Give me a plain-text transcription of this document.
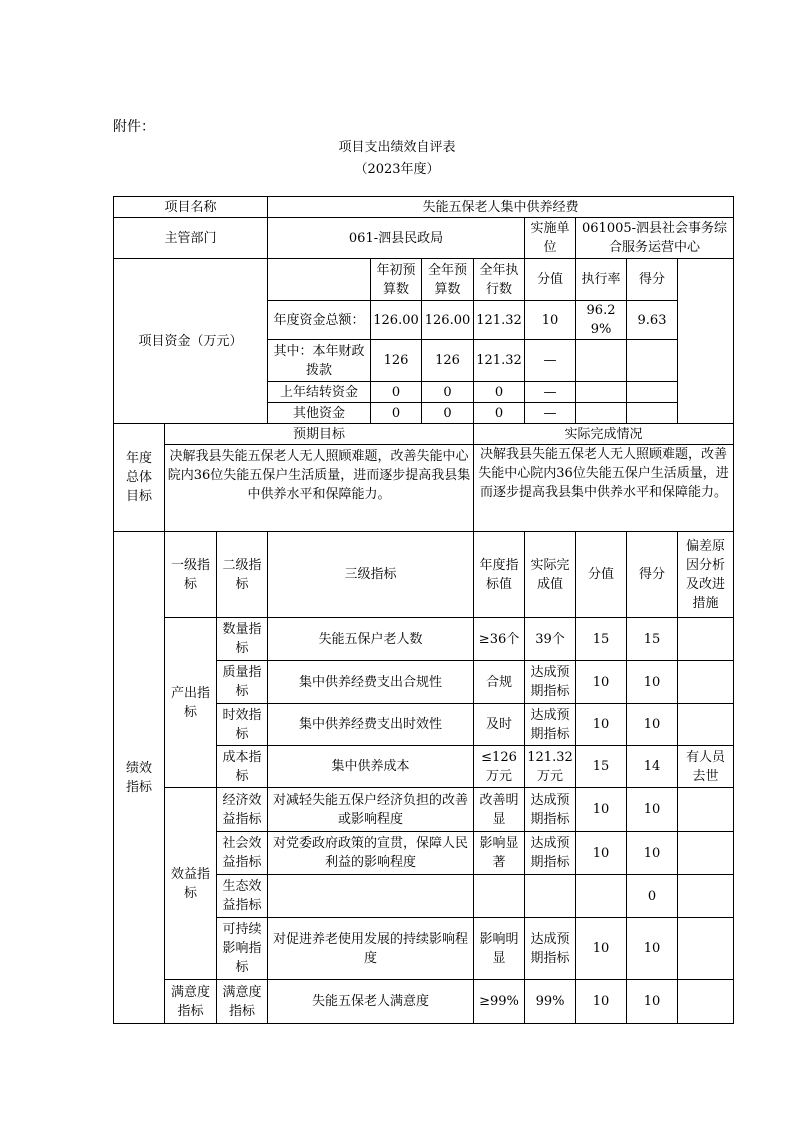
附件：
项目支出绩效自评表
（2023年度）
项目名称			失能五保老人集中供养经费							
主管部门			061-泗县民政局				实施单位	061005-泗县社会事务综合服务运营中心		
项目资金（万元）				年初预算数	全年预算数	全年执行数	分值	执行率	得分	
			年度资金总额：	126.00	126.00	121.32	10	96.29%	9.63	
			其中：本年财政拨款	126	126	121.32	—			
			上年结转资金	0	0	0	—			
			其他资金	0	0	0	—			
年度总体目标	预期目标					实际完成情况				
	决解我县失能五保老人无人照顾难题，改善失能中心院内36位失能五保户生活质量，进而逐步提高我县集中供养水平和保障能力。					决解我县失能五保老人无人照顾难题，改善失能中心院内36位失能五保户生活质量，进而逐步提高我县集中供养水平和保障能力。				
绩效指标	一级指标	二级指标	三级指标			年度指标值	实际完成值	分值	得分	偏差原因分析及改进措施
	产出指标	数量指标	失能五保户老人数			≥36个	39个	15	15	
		质量指标	集中供养经费支出合规性			合规	达成预期指标	10	10	
		时效指标	集中供养经费支出时效性			及时	达成预期指标	10	10	
		成本指标	集中供养成本			≤126万元	121.32万元	15	14	有人员去世
	效益指标	经济效益指标	对减轻失能五保户经济负担的改善或影响程度			改善明显	达成预期指标	10	10	
		社会效益指标	对党委政府政策的宣贯，保障人民利益的影响程度			影响显著	达成预期指标	10	10	
		生态效益指标							0	
		可持续影响指标	对促进养老使用发展的持续影响程度			影响明显	达成预期指标	10	10	
	满意度指标	满意度指标	失能五保老人满意度			≥99%	99%	10	10	
